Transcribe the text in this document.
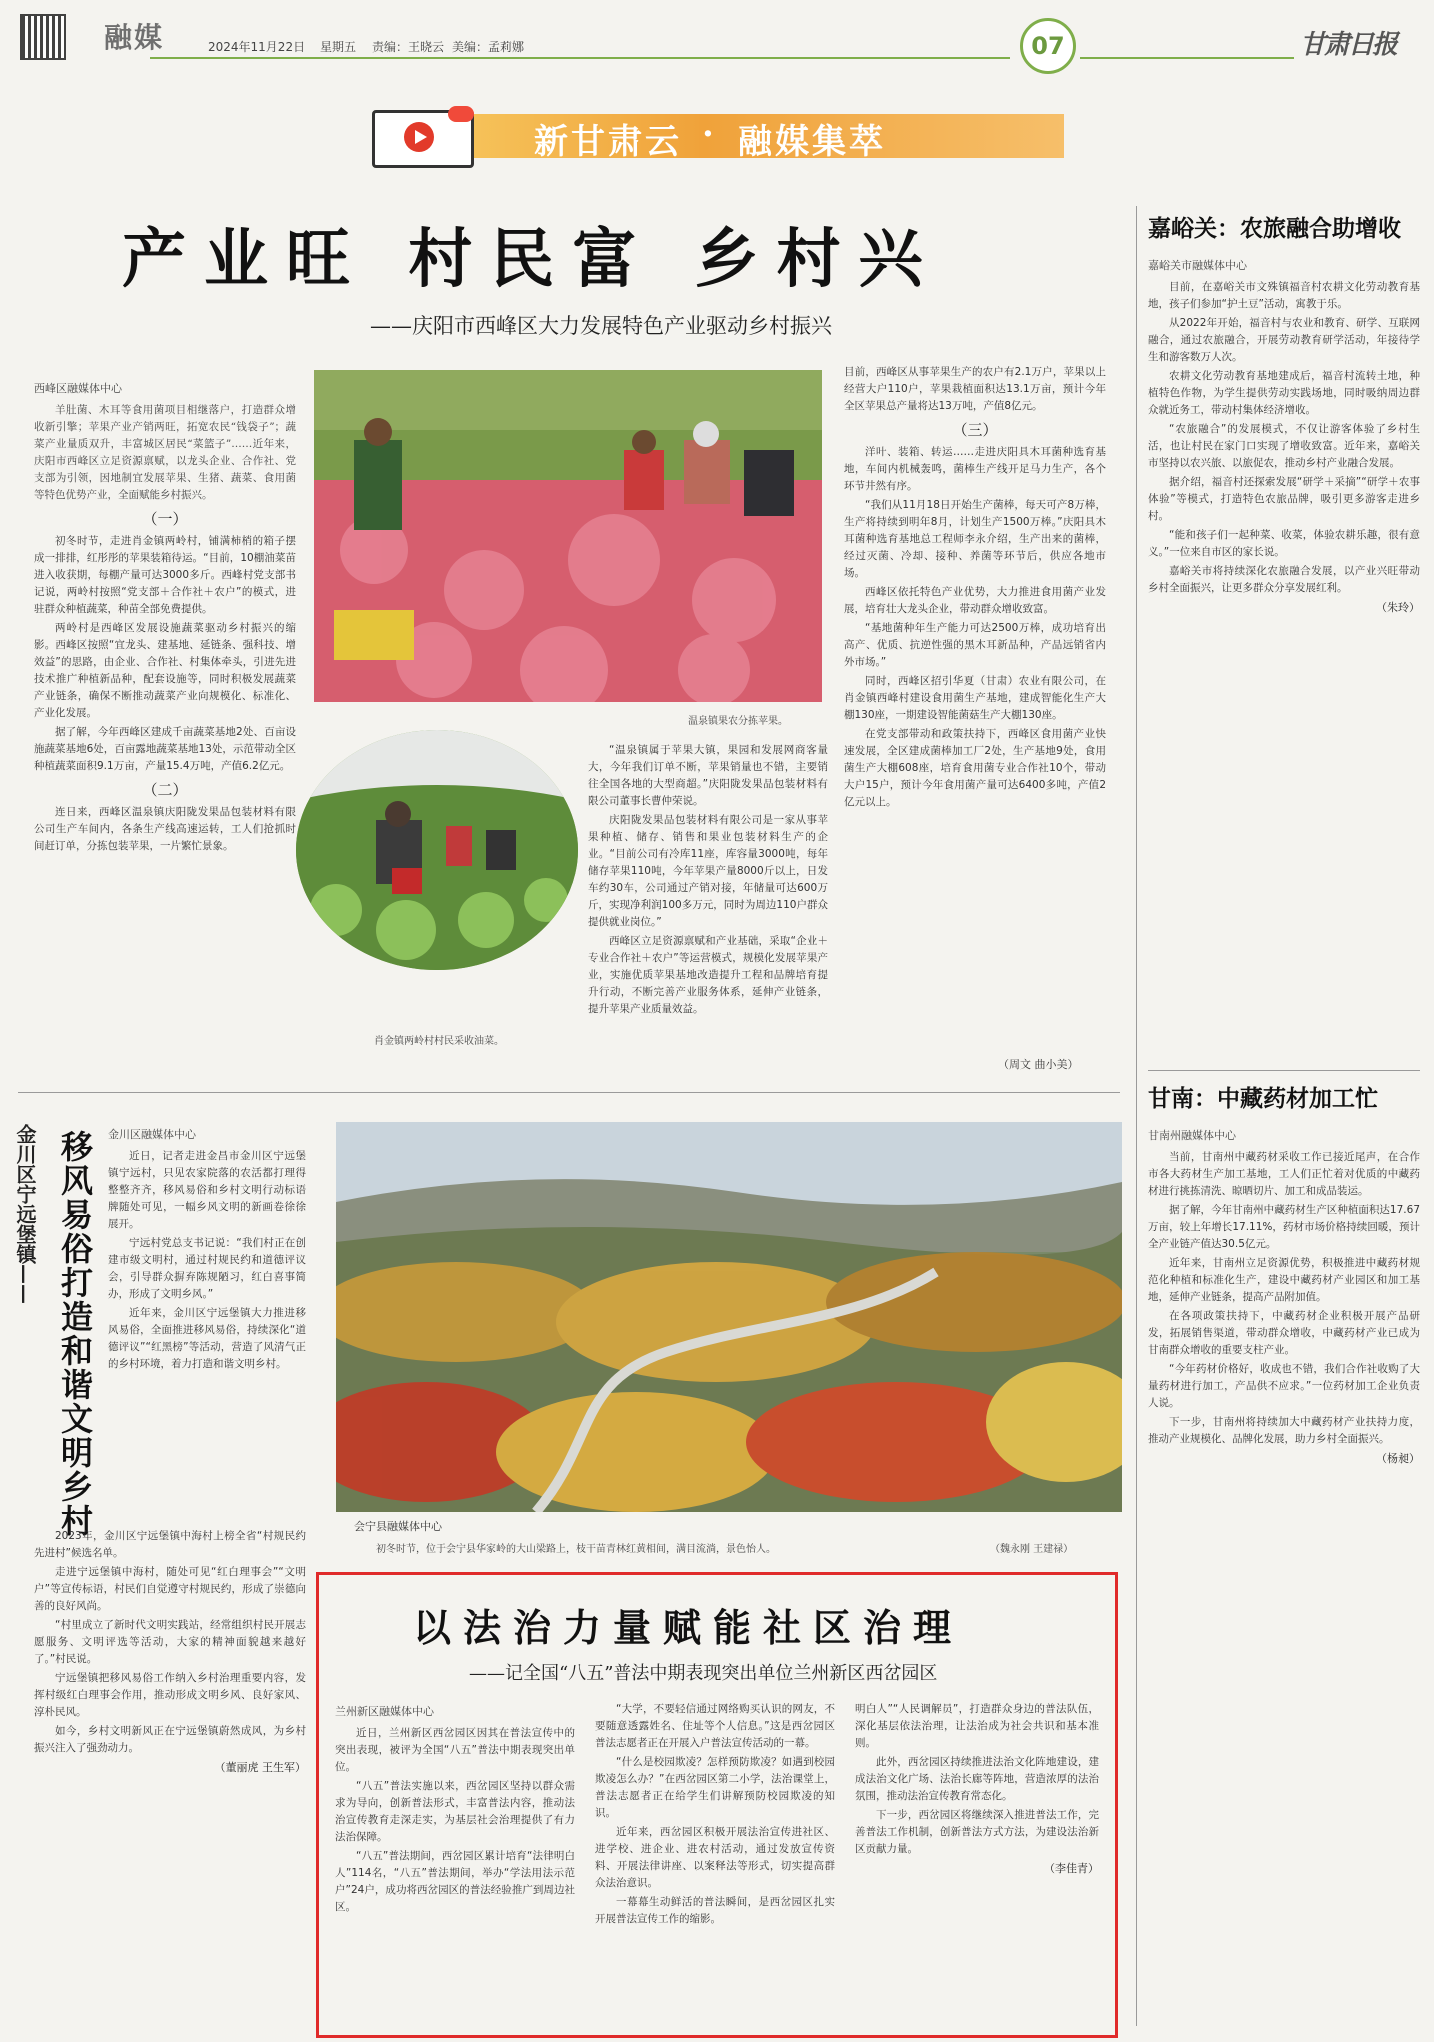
融媒	2024年11月22日 星期五 责编：王晓云 美编：孟莉娜	07	甘肃日报
新甘肃云 · 融媒集萃
产业旺 村民富 乡村兴
——庆阳市西峰区大力发展特色产业驱动乡村振兴
西峰区融媒体中心

羊肚菌、木耳等食用菌项目相继落户，打造群众增收新引擎；苹果产业产销两旺，拓宽农民“钱袋子”；蔬菜产业量质双升，丰富城区居民“菜篮子”……近年来，庆阳市西峰区立足资源禀赋，以龙头企业、合作社、党支部为引领，因地制宜发展苹果、生猪、蔬菜、食用菌等特色优势产业，全面赋能乡村振兴。

（一）

初冬时节，走进肖金镇两岭村，铺满柿梢的箱子摆成一排排，红彤彤的苹果装箱待运。“目前，10棚油菜苗进入收获期，每棚产量可达3000多斤。西峰村党支部书记说，两岭村按照“党支部＋合作社＋农户”的模式，进驻群众种植蔬菜，种苗全部免费提供。

两岭村是西峰区发展设施蔬菜驱动乡村振兴的缩影。西峰区按照“宜龙头、建基地、延链条、强科技、增效益”的思路，由企业、合作社、村集体牵头，引进先进技术推广种植新品种，配套设施等，同时积极发展蔬菜产业链条，确保不断推动蔬菜产业向规模化、标准化、产业化发展。

据了解，今年西峰区建成千亩蔬菜基地2处、百亩设施蔬菜基地6处，百亩露地蔬菜基地13处，示范带动全区种植蔬菜面积9.1万亩，产量15.4万吨，产值6.2亿元。

（二）

连日来，西峰区温泉镇庆阳陇发果品包装材料有限公司生产车间内，各条生产线高速运转，工人们抢抓时间赶订单，分拣包装苹果，一片繁忙景象。

温泉镇果农分拣苹果。
肖金镇两岭村村民采收油菜。

“温泉镇属于苹果大镇，果园和发展网商客量大，今年我们订单不断，苹果销量也不错，主要销往全国各地的大型商超。”庆阳陇发果品包装材料有限公司董事长曹仲荣说。

庆阳陇发果品包装材料有限公司是一家从事苹果种植、储存、销售和果业包装材料生产的企业。“目前公司有冷库11座，库容量3000吨，每年储存苹果110吨，今年苹果产量8000斤以上，日发车约30车，公司通过产销对接，年储量可达600万斤，实现净利润100多万元，同时为周边110户群众提供就业岗位。”

西峰区立足资源禀赋和产业基础，采取“企业＋专业合作社＋农户”等运营模式，规模化发展苹果产业，实施优质苹果基地改造提升工程和品牌培育提升行动，不断完善产业服务体系，延伸产业链条，提升苹果产业质量效益。

目前，西峰区从事苹果生产的农户有2.1万户，苹果以上经营大户110户，苹果栽植面积达13.1万亩，预计今年全区苹果总产量将达13万吨，产值8亿元。

（三）

洋叶、装箱、转运……走进庆阳具木耳菌种选育基地，车间内机械轰鸣，菌棒生产线开足马力生产，各个环节井然有序。

“我们从11月18日开始生产菌棒，每天可产8万棒，生产将持续到明年8月，计划生产1500万棒。”庆阳具木耳菌种选育基地总工程师李永介绍，生产出来的菌棒，经过灭菌、冷却、接种、养菌等环节后，供应各地市场。

西峰区依托特色产业优势，大力推进食用菌产业发展，培育壮大龙头企业，带动群众增收致富。

“基地菌种年生产能力可达2500万棒，成功培育出高产、优质、抗逆性强的黑木耳新品种，产品远销省内外市场。”

同时，西峰区招引华夏（甘肃）农业有限公司，在肖金镇西峰村建设食用菌生产基地，建成智能化生产大棚130座，一期建设智能菌菇生产大棚130座。

在党支部带动和政策扶持下，西峰区食用菌产业快速发展，全区建成菌棒加工厂2处，生产基地9处，食用菌生产大棚608座，培育食用菌专业合作社10个，带动大户15户，预计今年食用菌产量可达6400多吨，产值2亿元以上。

（周文 曲小美）
嘉峪关：农旅融合助增收
嘉峪关市融媒体中心

目前，在嘉峪关市文殊镇福音村农耕文化劳动教育基地，孩子们参加“护土豆”活动，寓教于乐。

从2022年开始，福音村与农业和教育、研学、互联网融合，通过农旅融合，开展劳动教育研学活动，年接待学生和游客数万人次。

农耕文化劳动教育基地建成后，福音村流转土地，种植特色作物，为学生提供劳动实践场地，同时吸纳周边群众就近务工，带动村集体经济增收。

“农旅融合”的发展模式，不仅让游客体验了乡村生活，也让村民在家门口实现了增收致富。近年来，嘉峪关市坚持以农兴旅、以旅促农，推动乡村产业融合发展。

据介绍，福音村还探索发展“研学＋采摘”“研学＋农事体验”等模式，打造特色农旅品牌，吸引更多游客走进乡村。

“能和孩子们一起种菜、收菜，体验农耕乐趣，很有意义。”一位来自市区的家长说。

嘉峪关市将持续深化农旅融合发展，以产业兴旺带动乡村全面振兴，让更多群众分享发展红利。

（朱玲）
甘南：中藏药材加工忙
甘南州融媒体中心

当前，甘南州中藏药材采收工作已接近尾声，在合作市各大药材生产加工基地，工人们正忙着对优质的中藏药材进行挑拣清洗、晾晒切片、加工和成品装运。

据了解，今年甘南州中藏药材生产区种植面积达17.67万亩，较上年增长17.11%，药材市场价格持续回暖，预计全产业链产值达30.5亿元。

近年来，甘南州立足资源优势，积极推进中藏药材规范化种植和标准化生产，建设中藏药材产业园区和加工基地，延伸产业链条，提高产品附加值。

在各项政策扶持下，中藏药材企业积极开展产品研发，拓展销售渠道，带动群众增收，中藏药材产业已成为甘南群众增收的重要支柱产业。

“今年药材价格好，收成也不错，我们合作社收购了大量药材进行加工，产品供不应求。”一位药材加工企业负责人说。

下一步，甘南州将持续加大中藏药材产业扶持力度，推动产业规模化、品牌化发展，助力乡村全面振兴。

（杨昶）
金川区宁远堡镇—— 移风易俗打造和谐文明乡村	金川区融媒体中心

近日，记者走进金昌市金川区宁远堡镇宁远村，只见农家院落的农活都打理得整整齐齐，移风易俗和乡村文明行动标语牌随处可见，一幅乡风文明的新画卷徐徐展开。

宁远村党总支书记说：“我们村正在创建市级文明村，通过村规民约和道德评议会，引导群众摒弃陈规陋习，红白喜事简办，形成了文明乡风。”

近年来，金川区宁远堡镇大力推进移风易俗，全面推进移风易俗，持续深化“道德评议”“红黑榜”等活动，营造了风清气正的乡村环境，着力打造和谐文明乡村。

2023年，金川区宁远堡镇中海村上榜全省“村规民约先进村”候选名单。

走进宁远堡镇中海村，随处可见“红白理事会”“文明户”等宣传标语，村民们自觉遵守村规民约，形成了崇德向善的良好风尚。

“村里成立了新时代文明实践站，经常组织村民开展志愿服务、文明评选等活动，大家的精神面貌越来越好了。”村民说。

宁远堡镇把移风易俗工作纳入乡村治理重要内容，发挥村级红白理事会作用，推动形成文明乡风、良好家风、淳朴民风。

如今，乡村文明新风正在宁远堡镇蔚然成风，为乡村振兴注入了强劲动力。

（董丽虎 王生军）
会宁县融媒体中心
初冬时节，位于会宁县华家岭的大山梁路上，枝干苗青林红黄相间，满目流淌，景色怡人。	（魏永刚 王建禄）
以法治力量赋能社区治理
——记全国“八五”普法中期表现突出单位兰州新区西岔园区
兰州新区融媒体中心

近日，兰州新区西岔园区因其在普法宣传中的突出表现，被评为全国“八五”普法中期表现突出单位。

“八五”普法实施以来，西岔园区坚持以群众需求为导向，创新普法形式，丰富普法内容，推动法治宣传教育走深走实，为基层社会治理提供了有力法治保障。

“八五”普法期间，西岔园区累计培育“法律明白人”114名，“八五”普法期间，举办“学法用法示范户”24户，成功将西岔园区的普法经验推广到周边社区。

“大学，不要轻信通过网络购买认识的网友，不要随意透露姓名、住址等个人信息。”这是西岔园区普法志愿者正在开展入户普法宣传活动的一幕。

“什么是校园欺凌？怎样预防欺凌？如遇到校园欺凌怎么办？”在西岔园区第二小学，法治课堂上，普法志愿者正在给学生们讲解预防校园欺凌的知识。

近年来，西岔园区积极开展法治宣传进社区、进学校、进企业、进农村活动，通过发放宣传资料、开展法律讲座、以案释法等形式，切实提高群众法治意识。

一幕幕生动鲜活的普法瞬间，是西岔园区扎实开展普法宣传工作的缩影。

明白人”“人民调解员”，打造群众身边的普法队伍，深化基层依法治理，让法治成为社会共识和基本准则。

此外，西岔园区持续推进法治文化阵地建设，建成法治文化广场、法治长廊等阵地，营造浓厚的法治氛围，推动法治宣传教育常态化。

下一步，西岔园区将继续深入推进普法工作，完善普法工作机制，创新普法方式方法，为建设法治新区贡献力量。

（李佳青）
